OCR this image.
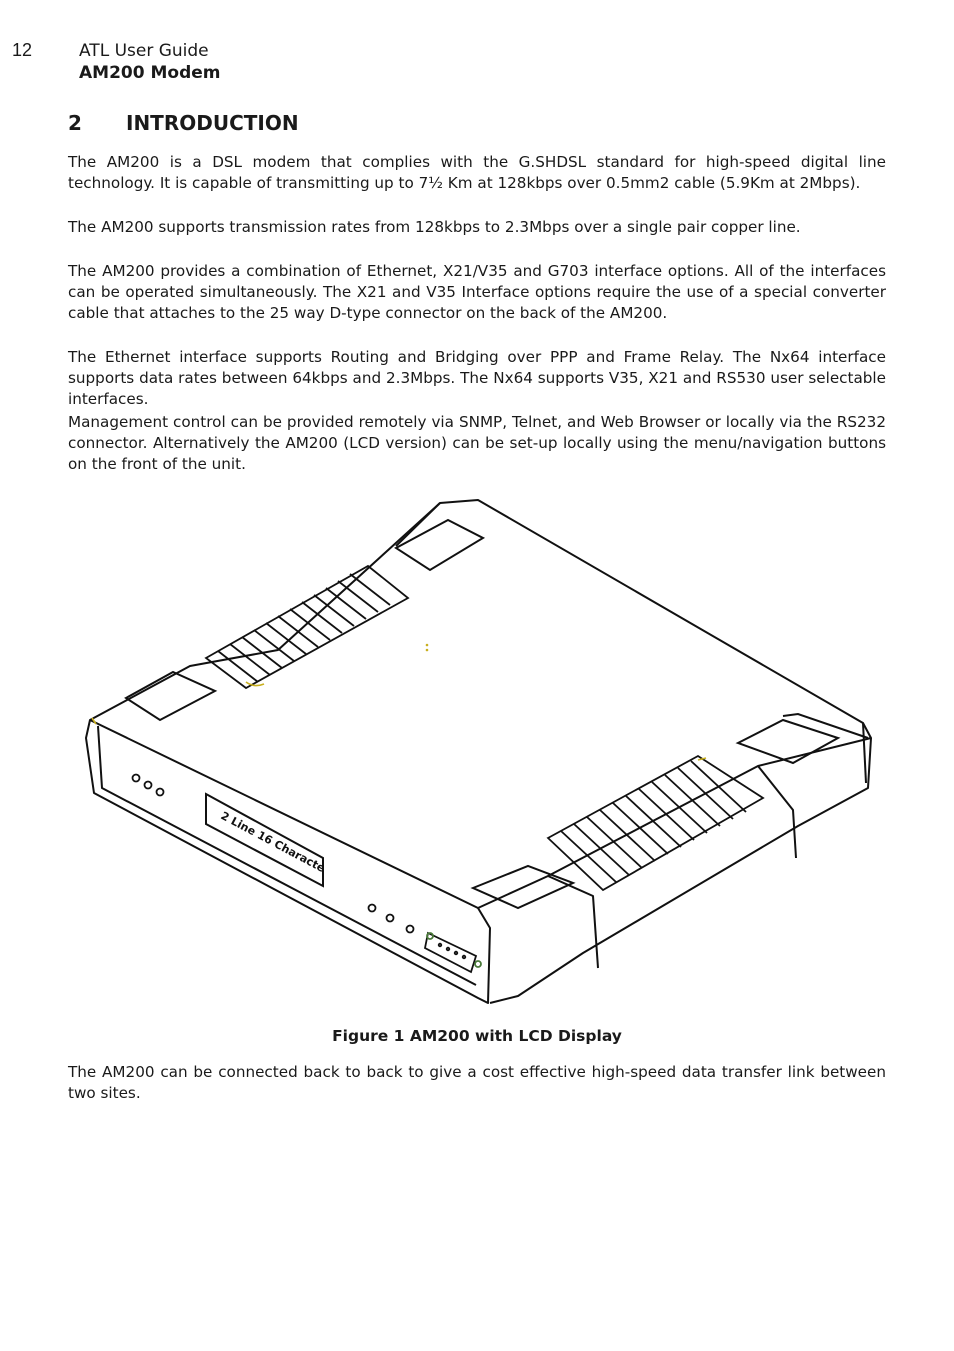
12	ATL User Guide
AM200 Modem
2	INTRODUCTION

The AM200 is a DSL modem that complies with the G.SHDSL standard for high-speed digital line technology. It is capable of transmitting up to 7½ Km at 128kbps over 0.5mm2 cable (5.9Km at 2Mbps).

The AM200 supports transmission rates from 128kbps to 2.3Mbps over a single pair copper line.

The AM200 provides a combination of Ethernet, X21/V35 and G703 interface options. All of the interfaces can be operated simultaneously. The X21 and V35 Interface options require the use of a special converter cable that attaches to the 25 way D-type connector on the back of the AM200.

The Ethernet interface supports Routing and Bridging over PPP and Frame Relay. The Nx64 interface supports data rates between 64kbps and 2.3Mbps. The Nx64 supports V35, X21 and RS530 user selectable interfaces.

Management control can be provided remotely via SNMP, Telnet, and Web Browser or locally via the RS232 connector. Alternatively the AM200 (LCD version) can be set-up locally using the menu/navigation buttons on the front of the unit.

2 Line 16 Characte
Figure 1 AM200 with LCD Display

The AM200 can be connected back to back to give a cost effective high-speed data transfer link between two sites.
